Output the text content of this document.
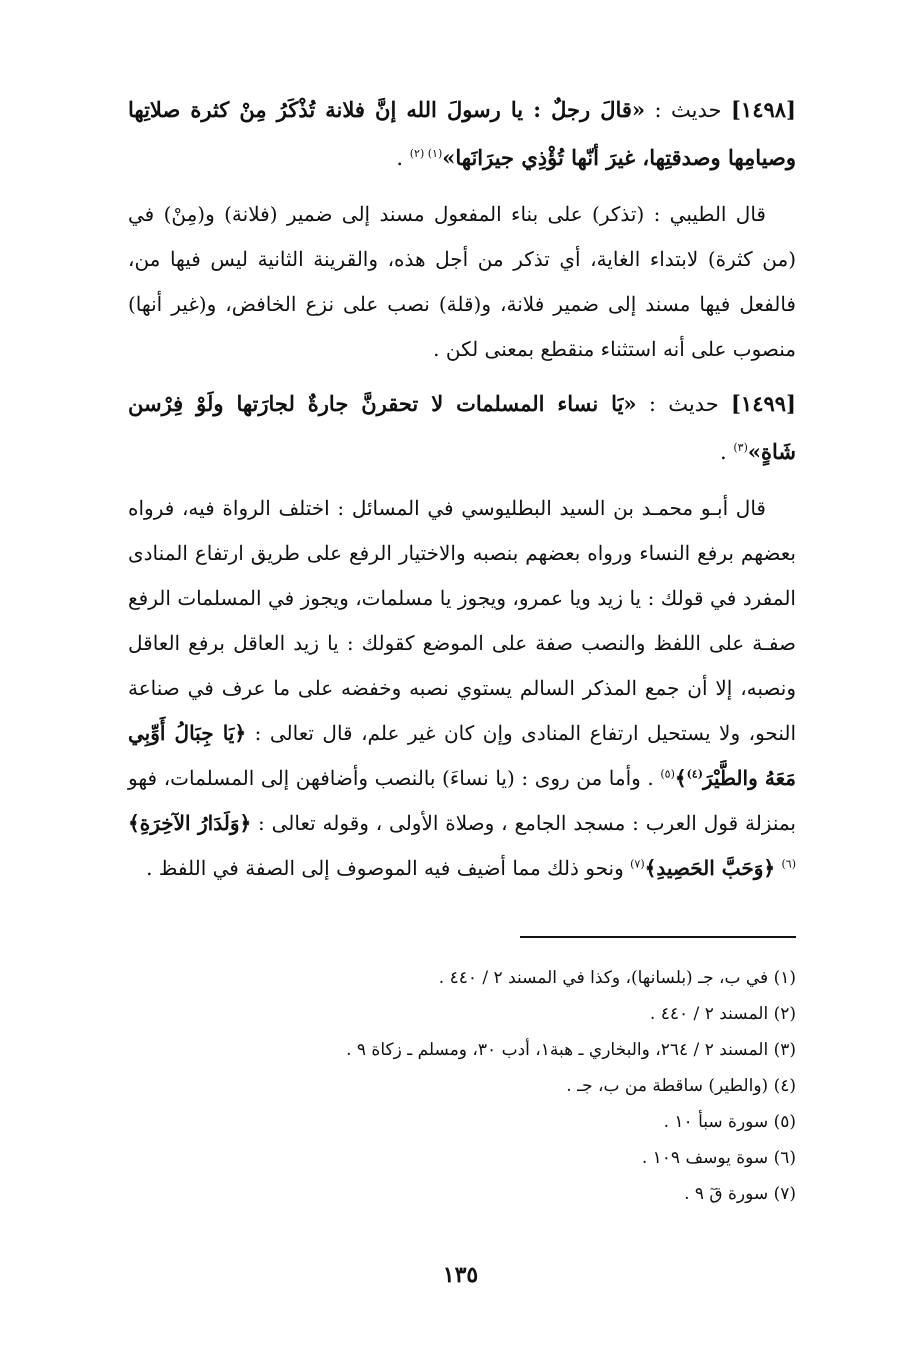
[١٤٩٨] حديث : «قالَ رجلٌ : يا رسولَ الله إنَّ فلانة تُذْكَرُ مِنْ كثرة صلاتِها وصيامِها وصدقتِها، غيرَ أنّها تُؤْذِي جيرَانَها»$^{(١) (٢)}$ .

قال الطيبي : (تذكر) على بناء المفعول مسند إلى ضمير (فلانة) و(مِنْ) في (من كثرة) لابتداء الغاية، أي تذكر من أجل هذه، والقرينة الثانية ليس فيها من، فالفعل فيها مسند إلى ضمير فلانة، و(قلة) نصب على نزع الخافض، و(غير أنها) منصوب على أنه استثناء منقطع بمعنى لكن .

[١٤٩٩] حديث : «يَا نساء المسلمات لا تحقرنَّ جارةٌ لجارَتها ولَوْ فِرْسن شَاةٍ»$^{(٣)}$ .

قال أبـو محمـد بن السيد البطليوسي في المسائل : اختلف الرواة فيه، فرواه بعضهم برفع النساء ورواه بعضهم بنصبه والاختيار الرفع على طريق ارتفاع المنادى المفرد في قولك : يا زيد ويا عمرو، ويجوز يا مسلمات، ويجوز في المسلمات الرفع صفـة على اللفظ والنصب صفة على الموضع كقولك : يا زيد العاقل برفع العاقل ونصبه، إلا أن جمع المذكر السالم يستوي نصبه وخفضه على ما عرف في صناعة النحو، ولا يستحيل ارتفاع المنادى وإن كان غير علم، قال تعالى : ﴿يَا جِبَالُ أَوِّبِي مَعَهُ والطَّيْرَ$^{(٤)}$﴾$^{(٥)}$ . وأما من روى : (يا نساءَ) بالنصب وأضافهن إلى المسلمات، فهو بمنزلة قول العرب : مسجد الجامع ، وصلاة الأولى ، وقوله تعالى : ﴿وَلَدَارُ الآخِرَةِ﴾$^{(٦)}$ ﴿وَحَبَّ الحَصِيدِ﴾$^{(٧)}$ ونحو ذلك مما أضيف فيه الموصوف إلى الصفة في اللفظ .

(١) في ب، جـ (بلسانها)، وكذا في المسند ٢ / ٤٤٠ .

(٢) المسند ٢ / ٤٤٠ .

(٣) المسند ٢ / ٢٦٤، والبخاري ـ هبة١، أدب ٣٠، ومسلم ـ زكاة ٩ .

(٤) (والطير) ساقطة من ب، جـ .

(٥) سورة سبأ ١٠ .

(٦) سوة يوسف ١٠٩ .

(٧) سورة قٓ ٩ .

١٣٥
